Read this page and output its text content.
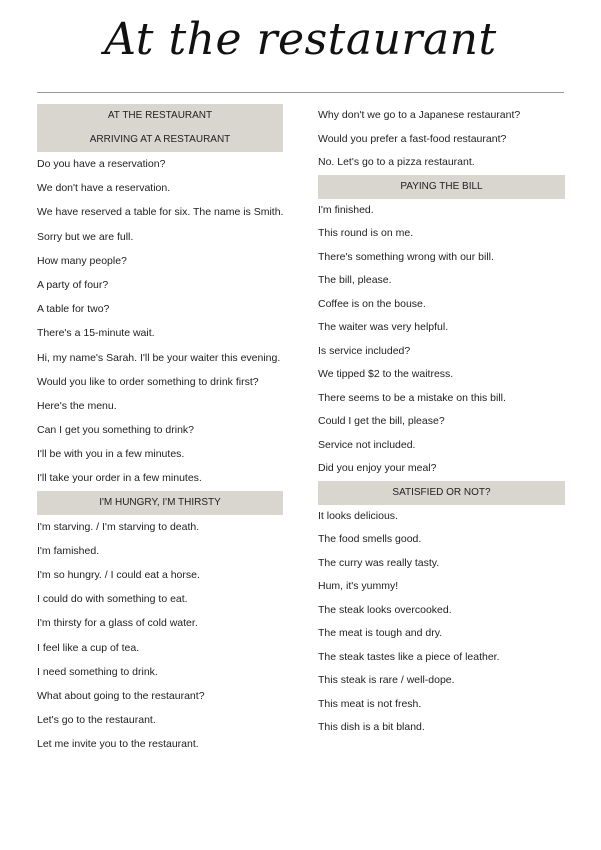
At the restaurant
AT THE RESTAURANT
ARRIVING AT A RESTAURANT
Do you have a reservation?
We don't have a reservation.
We have reserved a table for six. The name is Smith.
Sorry but we are full.
How many people?
A party of four?
A table for two?
There's a 15-minute wait.
Hi, my name's Sarah. I'll be your waiter this evening.
Would you like to order something to drink first?
Here's the menu.
Can I get you something to drink?
I'll be with you in a few minutes.
I'll take your order in a few minutes.
I'M HUNGRY, I'M THIRSTY
I'm starving. / I'm starving to death.
I'm famished.
I'm so hungry. / I could eat a horse.
I could do with something to eat.
I'm thirsty for a glass of cold water.
I feel like a cup of tea.
I need something to drink.
What about going to the restaurant?
Let's go to the restaurant.
Let me invite you to the restaurant.
Why don't we go to a Japanese restaurant?
Would you prefer a fast-food restaurant?
No. Let's go to a pizza restaurant.
PAYING THE BILL
I'm finished.
This round is on me.
There's something wrong with our bill.
The bill, please.
Coffee is on the bouse.
The waiter was very helpful.
Is service included?
We tipped $2 to the waitress.
There seems to be a mistake on this bill.
Could I get the bill, please?
Service not included.
Did you enjoy your meal?
SATISFIED OR NOT?
It looks delicious.
The food smells good.
The curry was really tasty.
Hum, it's yummy!
The steak looks overcooked.
The meat is tough and dry.
The steak tastes like a piece of leather.
This steak is rare / well-dope.
This meat is not fresh.
This dish is a bit bland.
